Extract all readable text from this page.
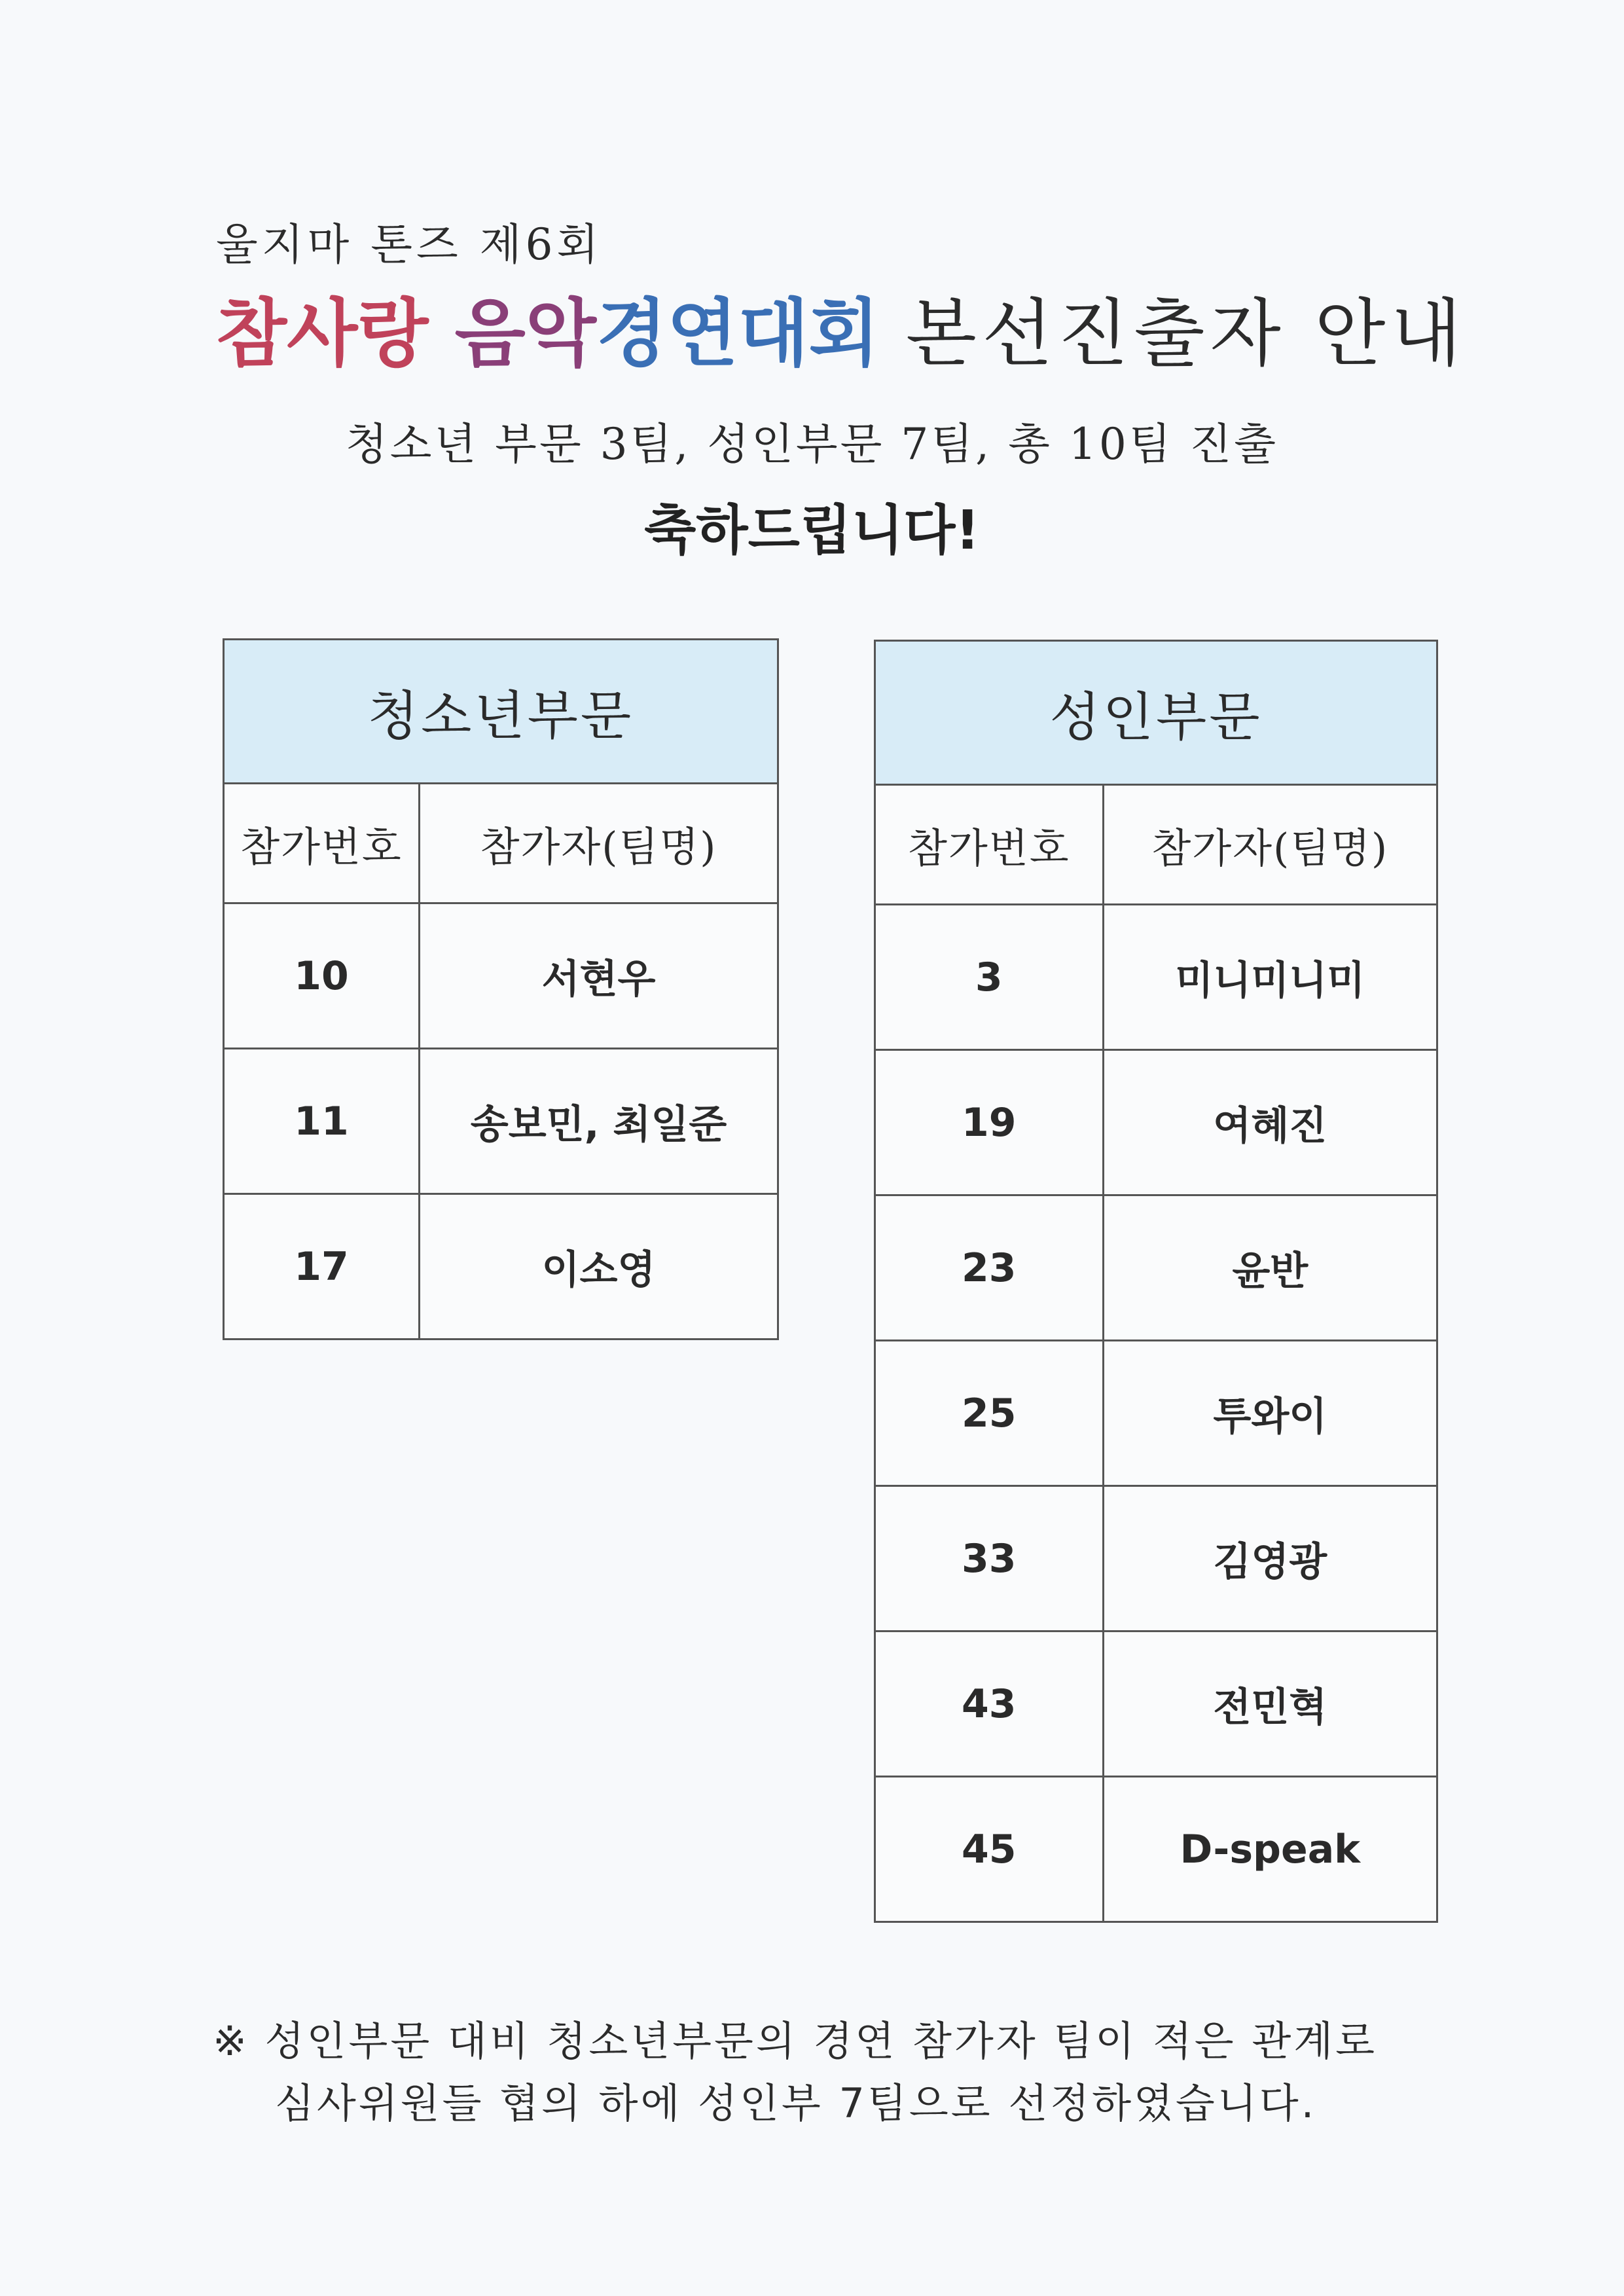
울지마 톤즈 제6회
참사랑 음악경연대회 본선진출자 안내
청소년 부문 3팀, 성인부문 7팀, 총 10팀 진출
축하드립니다!
청소년부문	
참가번호	참가자(팀명)
10	서현우
11	송보민, 최일준
17	이소영
성인부문	
참가번호	참가자(팀명)
3	미니미니미
19	여혜진
23	윤반
25	투와이
33	김영광
43	전민혁
45	D-speak
※ 성인부문 대비 청소년부문의 경연 참가자 팀이 적은 관계로
심사위원들 협의 하에 성인부 7팀으로 선정하였습니다.
